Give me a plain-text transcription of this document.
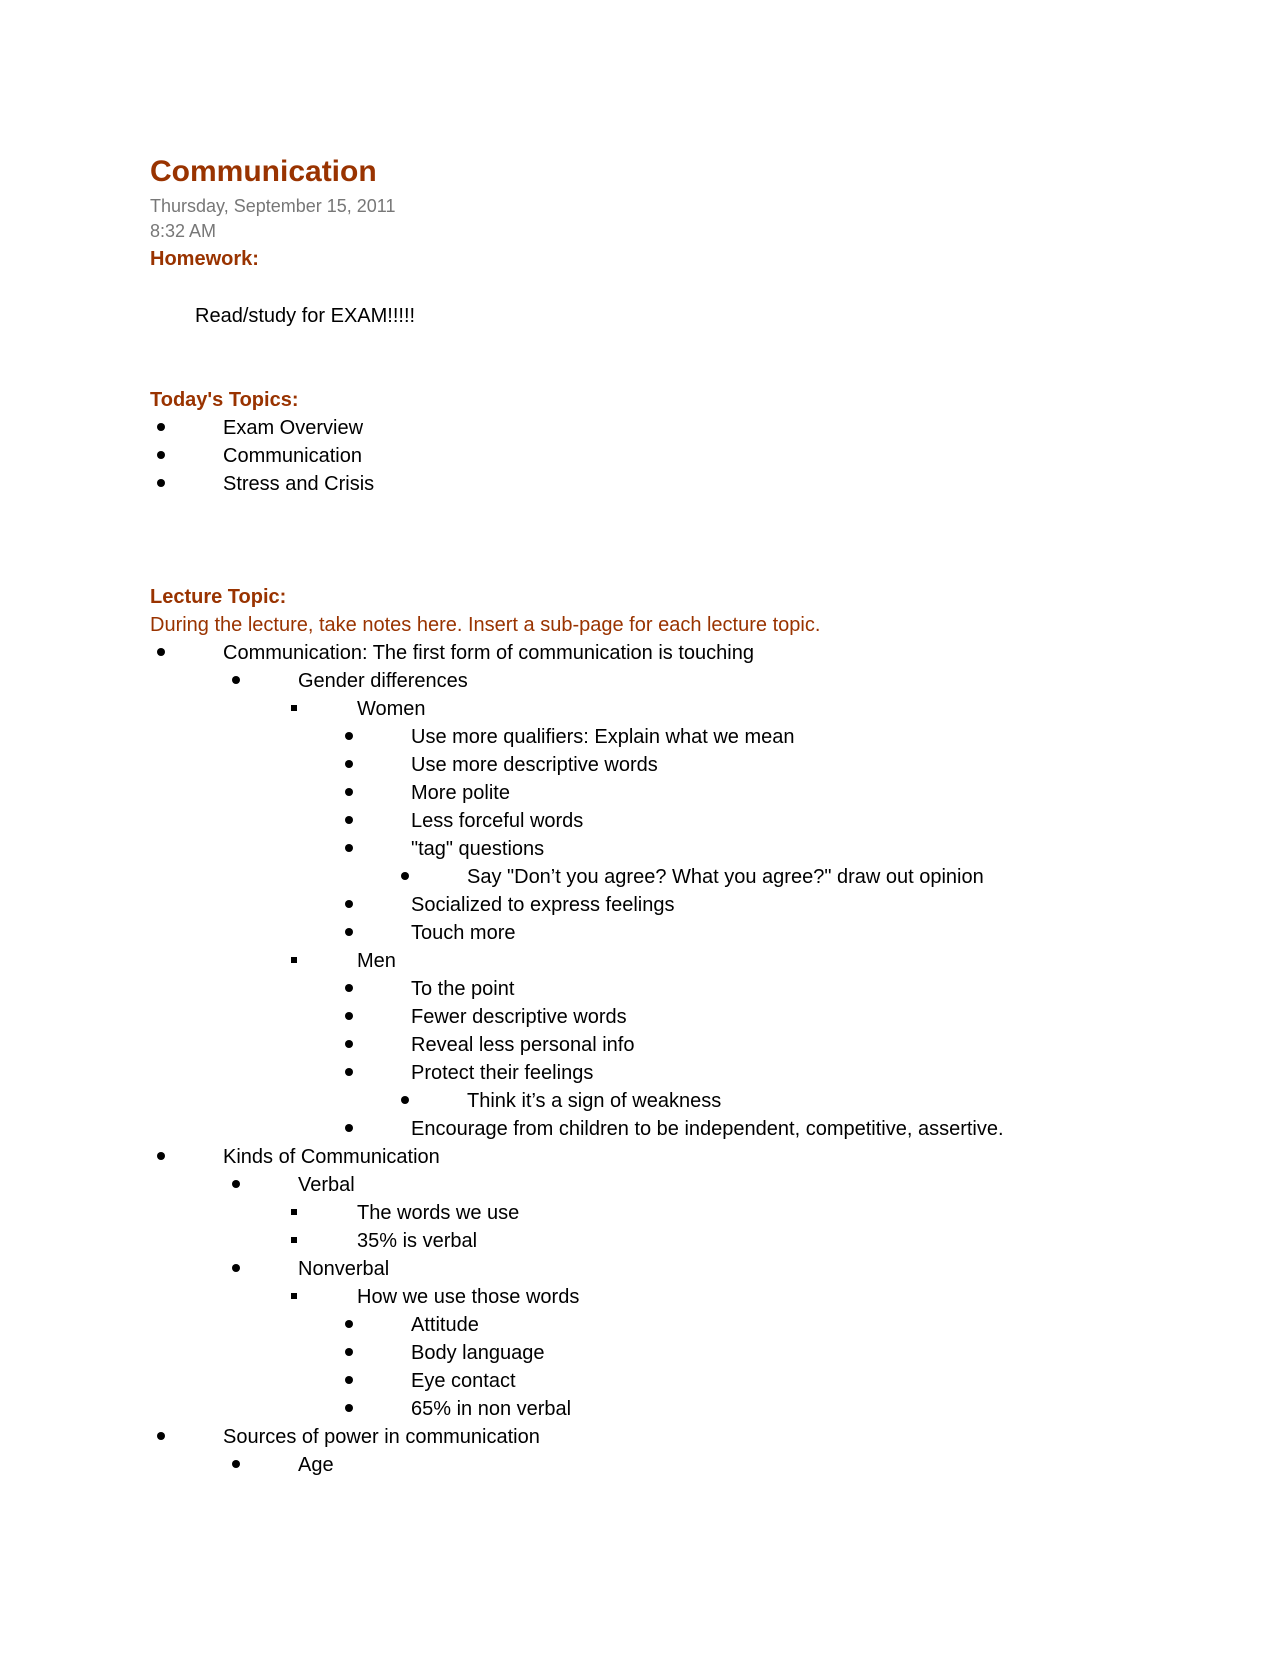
Communication
Thursday, September 15, 2011
8:32 AM
Homework:
Read/study for EXAM!!!!!
Today's Topics:
Exam Overview
Communication
Stress and Crisis
Lecture Topic:
During the lecture, take notes here. Insert a sub-page for each lecture topic.
Communication: The first form of communication is touching
Gender differences
Women
Use more qualifiers: Explain what we mean
Use more descriptive words
More polite
Less forceful words
"tag" questions
Say "Don’t you agree? What you agree?" draw out opinion
Socialized to express feelings
Touch more
Men
To the point
Fewer descriptive words
Reveal less personal info
Protect their feelings
Think it’s a sign of weakness
Encourage from children to be independent, competitive, assertive.
Kinds of Communication
Verbal
The words we use
35% is verbal
Nonverbal
How we use those words
Attitude
Body language
Eye contact
65% in non verbal
Sources of power in communication
Age
